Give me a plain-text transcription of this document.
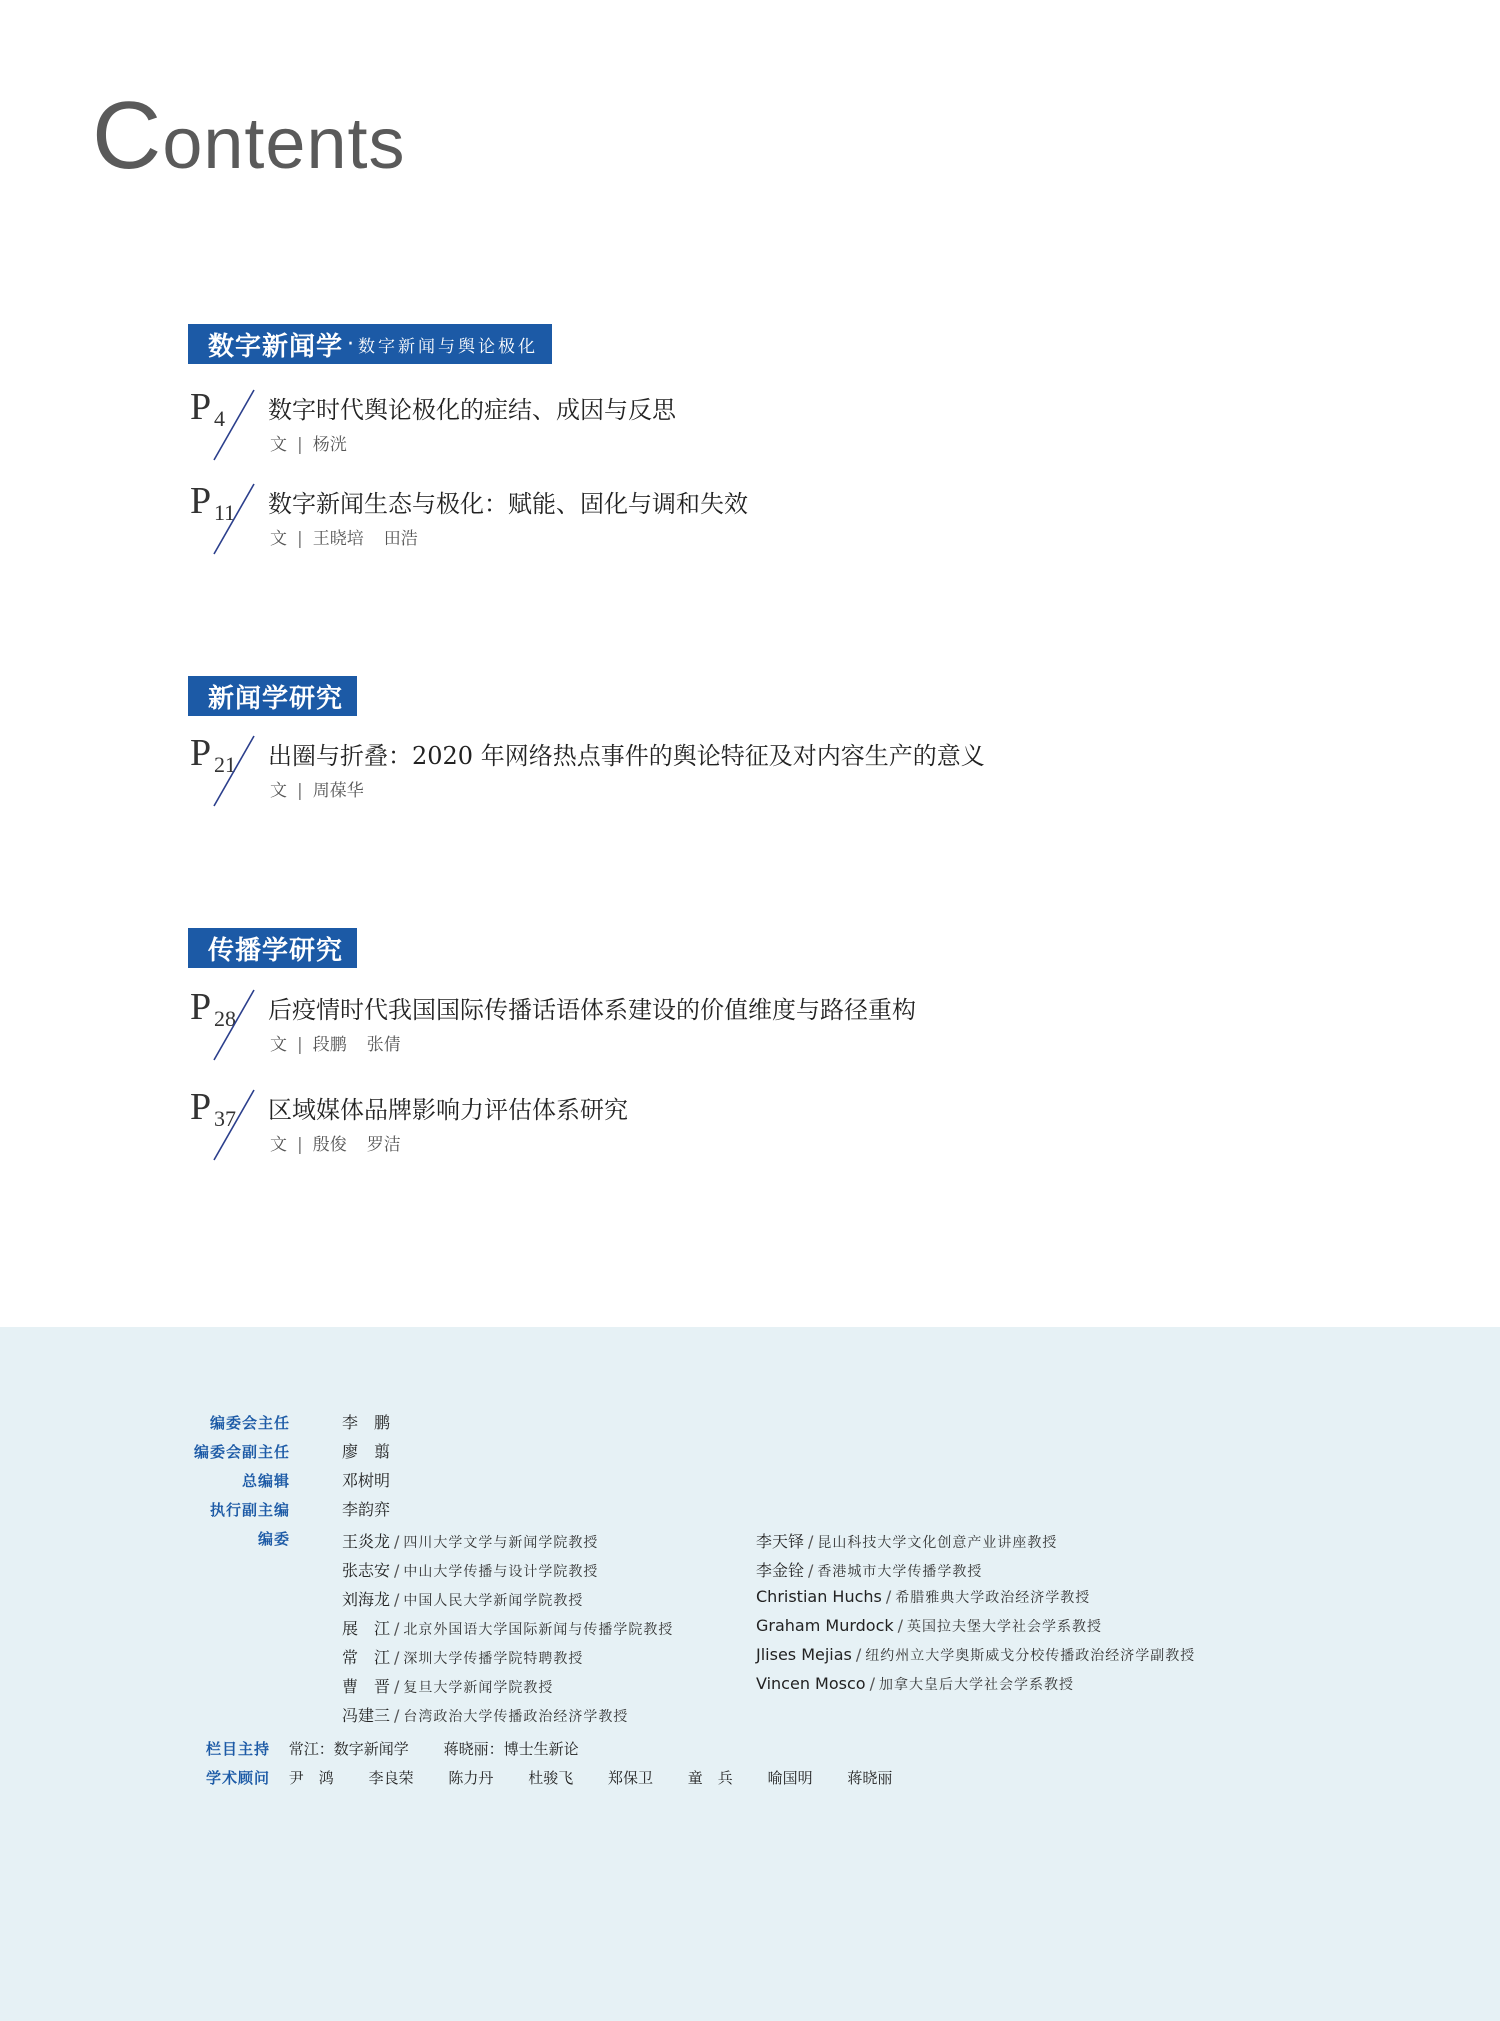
Contents
数字新闻学 · 数字新闻与舆论极化
P 4 数字时代舆论极化的症结、成因与反思
文 | 杨洸
P 11 数字新闻生态与极化：赋能、固化与调和失效
文 | 王晓培 田浩
新闻学研究
P 21 出圈与折叠：2020 年网络热点事件的舆论特征及对内容生产的意义
文 | 周葆华
传播学研究
P 28 后疫情时代我国国际传播话语体系建设的价值维度与路径重构
文 | 段鹏 张倩
P 37 区域媒体品牌影响力评估体系研究
文 | 殷俊 罗洁
编委会主任	李　鹏
编委会副主任	廖　翦
总编辑	邓树明
执行副主编	李韵弈
编委	王炎龙 / 四川大学文学与新闻学院教授
张志安 / 中山大学传播与设计学院教授
刘海龙 / 中国人民大学新闻学院教授
展　江 / 北京外国语大学国际新闻与传播学院教授
常　江 / 深圳大学传播学院特聘教授
曹　晋 / 复旦大学新闻学院教授
冯建三 / 台湾政治大学传播政治经济学教授
李天铎 / 昆山科技大学文化创意产业讲座教授
李金铨 / 香港城市大学传播学教授
Christian Huchs / 希腊雅典大学政治经济学教授
Graham Murdock / 英国拉夫堡大学社会学系教授
Jlises Mejias / 纽约州立大学奥斯威戈分校传播政治经济学副教授
Vincen Mosco / 加拿大皇后大学社会学系教授
栏目主持 常江：数字新闻学 蒋晓丽：博士生新论
学术顾问 尹　鸿 李良荣 陈力丹 杜骏飞 郑保卫 童　兵 喻国明 蒋晓丽
